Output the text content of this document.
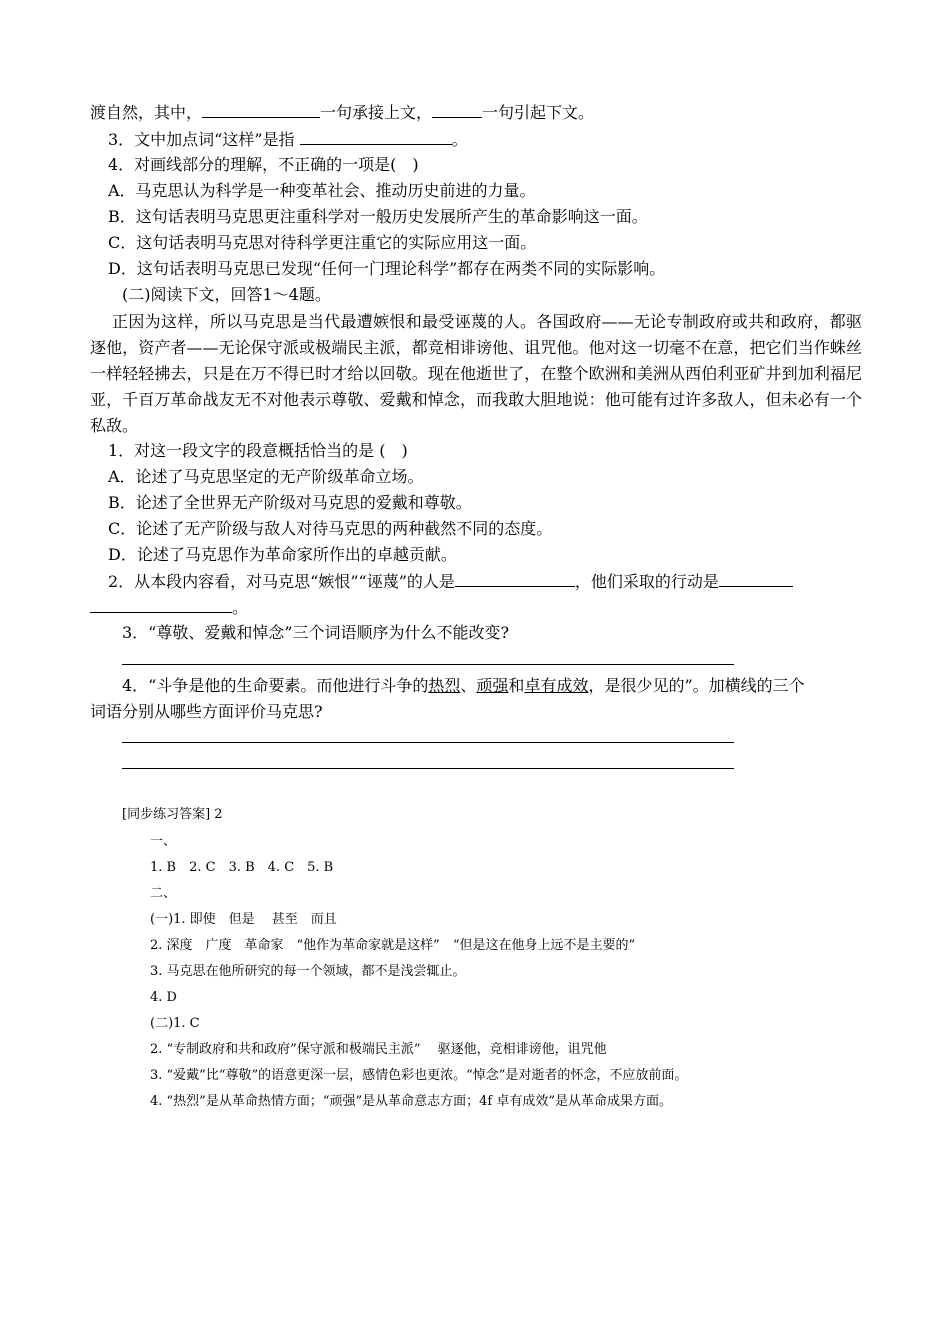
渡自然，其中，	一句承接上文，	一句引起下文。
3．文中加点词“这样”是指	。
4．对画线部分的理解，不正确的一项是(　)
A．马克思认为科学是一种变革社会、推动历史前进的力量。
B．这句话表明马克思更注重科学对一般历史发展所产生的革命影响这一面。
C．这句话表明马克思对待科学更注重它的实际应用这一面。
D．这句话表明马克思已发现“任何一门理论科学”都存在两类不同的实际影响。
(二)阅读下文，回答1～4题。
正因为这样，所以马克思是当代最遭嫉恨和最受诬蔑的人。各国政府——无论专制政府或共和政府，都驱逐他，资产者——无论保守派或极端民主派，都竞相诽谤他、诅咒他。他对这一切毫不在意，把它们当作蛛丝一样轻轻拂去，只是在万不得已时才给以回敬。现在他逝世了，在整个欧洲和美洲从西伯利亚矿井到加利福尼亚，千百万革命战友无不对他表示尊敬、爱戴和悼念，而我敢大胆地说：他可能有过许多敌人，但未必有一个私敌。
1．对这一段文字的段意概括恰当的是 (　)
A．论述了马克思坚定的无产阶级革命立场。
B．论述了全世界无产阶级对马克思的爱戴和尊敬。
C．论述了无产阶级与敌人对待马克思的两种截然不同的态度。
D．论述了马克思作为革命家所作出的卓越贡献。
2．从本段内容看，对马克思“嫉恨”“诬蔑”的人是	，他们采取的行动是
。
3．“尊敬、爱戴和悼念”三个词语顺序为什么不能改变?
4．“斗争是他的生命要素。而他进行斗争的热烈、顽强和卓有成效，是很少见的”。加横线的三个
词语分别从哪些方面评价马克思?
[同步练习答案] 2
一、
1. B　2. C　3. B　4. C　5. B
二、
(一)1. 即使　但是　 甚至　而且
2. 深度　广度　革命家　“他作为革命家就是这样”　“但是这在他身上远不是主要的”
3. 马克思在他所研究的每一个领域，都不是浅尝辄止。
4. D
(二)1. C
2. “专制政府和共和政府”保守派和极端民主派”　 驱逐他，竞相诽谤他，诅咒他
3. “爱戴”比“尊敬”的语意更深一层，感情色彩也更浓。“悼念”是对逝者的怀念，不应放前面。
4. “热烈”是从革命热情方面；“顽强”是从革命意志方面；4f 卓有成效”是从革命成果方面。
